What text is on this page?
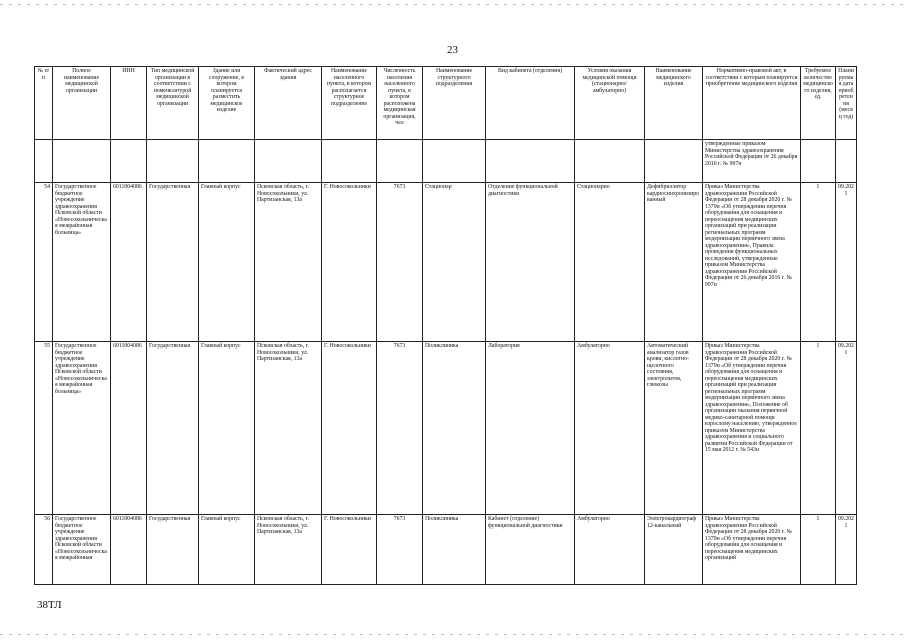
23
№ п/п	Полное наименование медицинской организации	ИНН	Тип медицинской организации в соответствии с номенклатурой медицинской организации	Здание или сооружение, в котором планируется разместить медицинское изделие	Фактический адрес здания	Наименование населенного пункта, в котором располагается структурное подразделение	Численность населения населенного пункта, в котором расположена медицинская организация, чел	Наименование структурного подразделения	Вид кабинета (отделения)	Условия оказания медицинской помощи (стационарно/ амбулаторно)	Наименование медицинского изделия	Нормативно-правовой акт, в соответствии с которым планируется приобретение медицинского изделия	Требуемое количество медицинского изделия, ед.	Планируемая дата приобретения (месяц год)
												утвержденные приказом Министерства здравоохранения Российской Федерации от 26 декабря 2016 г. № 997н		
54	Государственное бюджетное учреждение здравоохранения Псковской области «Новосокольническая межрайонная больница»	6011004086	Государственная	Главный корпус	Псковская область, г. Новосокольники, ул. Партизанская, 13а	Г. Новосокольники	7673	Стационар	Отделение функциональной диагностики	Стационарно	Дефибриллятор кардиосинхронизированный	Приказ Министерства здравоохранения Российской Федерации от 28 декабря 2020 г. № 1379н «Об утверждении перечня оборудования для оснащения и переоснащения медицинских организаций при реализации региональных программ модернизации первичного звена здравоохранения», Правила проведения функциональных исследований, утвержденные приказом Министерства здравоохранения Российской Федерации от 26 декабря 2016 г. № 997н	1	09.2021
55	Государственное бюджетное учреждение здравоохранения Псковской области «Новосокольническая межрайонная больница»	6011004086	Государственная	Главный корпус	Псковская область, г. Новосокольники, ул. Партизанская, 13а	Г. Новосокольники	7673	Поликлиника	Лаборатория	Амбулаторно	Автоматический анализатор газов крови, кислотно-щелочного состояния, электролитов, глюкозы	Приказ Министерства здравоохранения Российской Федерации от 28 декабря 2020 г. № 1379н «Об утверждении перечня оборудования для оснащения и переоснащения медицинских организаций при реализации региональных программ модернизации первичного звена здравоохранения», Положение об организации оказания первичной медико-санитарной помощи взрослому населению, утвержденное приказом Министерства здравоохранения и социального развития Российской Федерации от 15 мая 2012 г. № 543н	1	09.2021
56	Государственное бюджетное учреждение здравоохранения Псковской области «Новосокольническая межрайонная	6011004086	Государственная	Главный корпус	Псковская область, г. Новосокольники, ул. Партизанская, 13а	Г. Новосокольники	7673	Поликлиника	Кабинет (отделение) функциональной диагностики	Амбулаторно	Электрокардиограф 12-канальный	Приказ Министерства здравоохранения Российской Федерации от 28 декабря 2020 г. № 1379н «Об утверждении перечня оборудования для оснащения и переоснащения медицинских организаций	1	09.2021
38ТЛ
